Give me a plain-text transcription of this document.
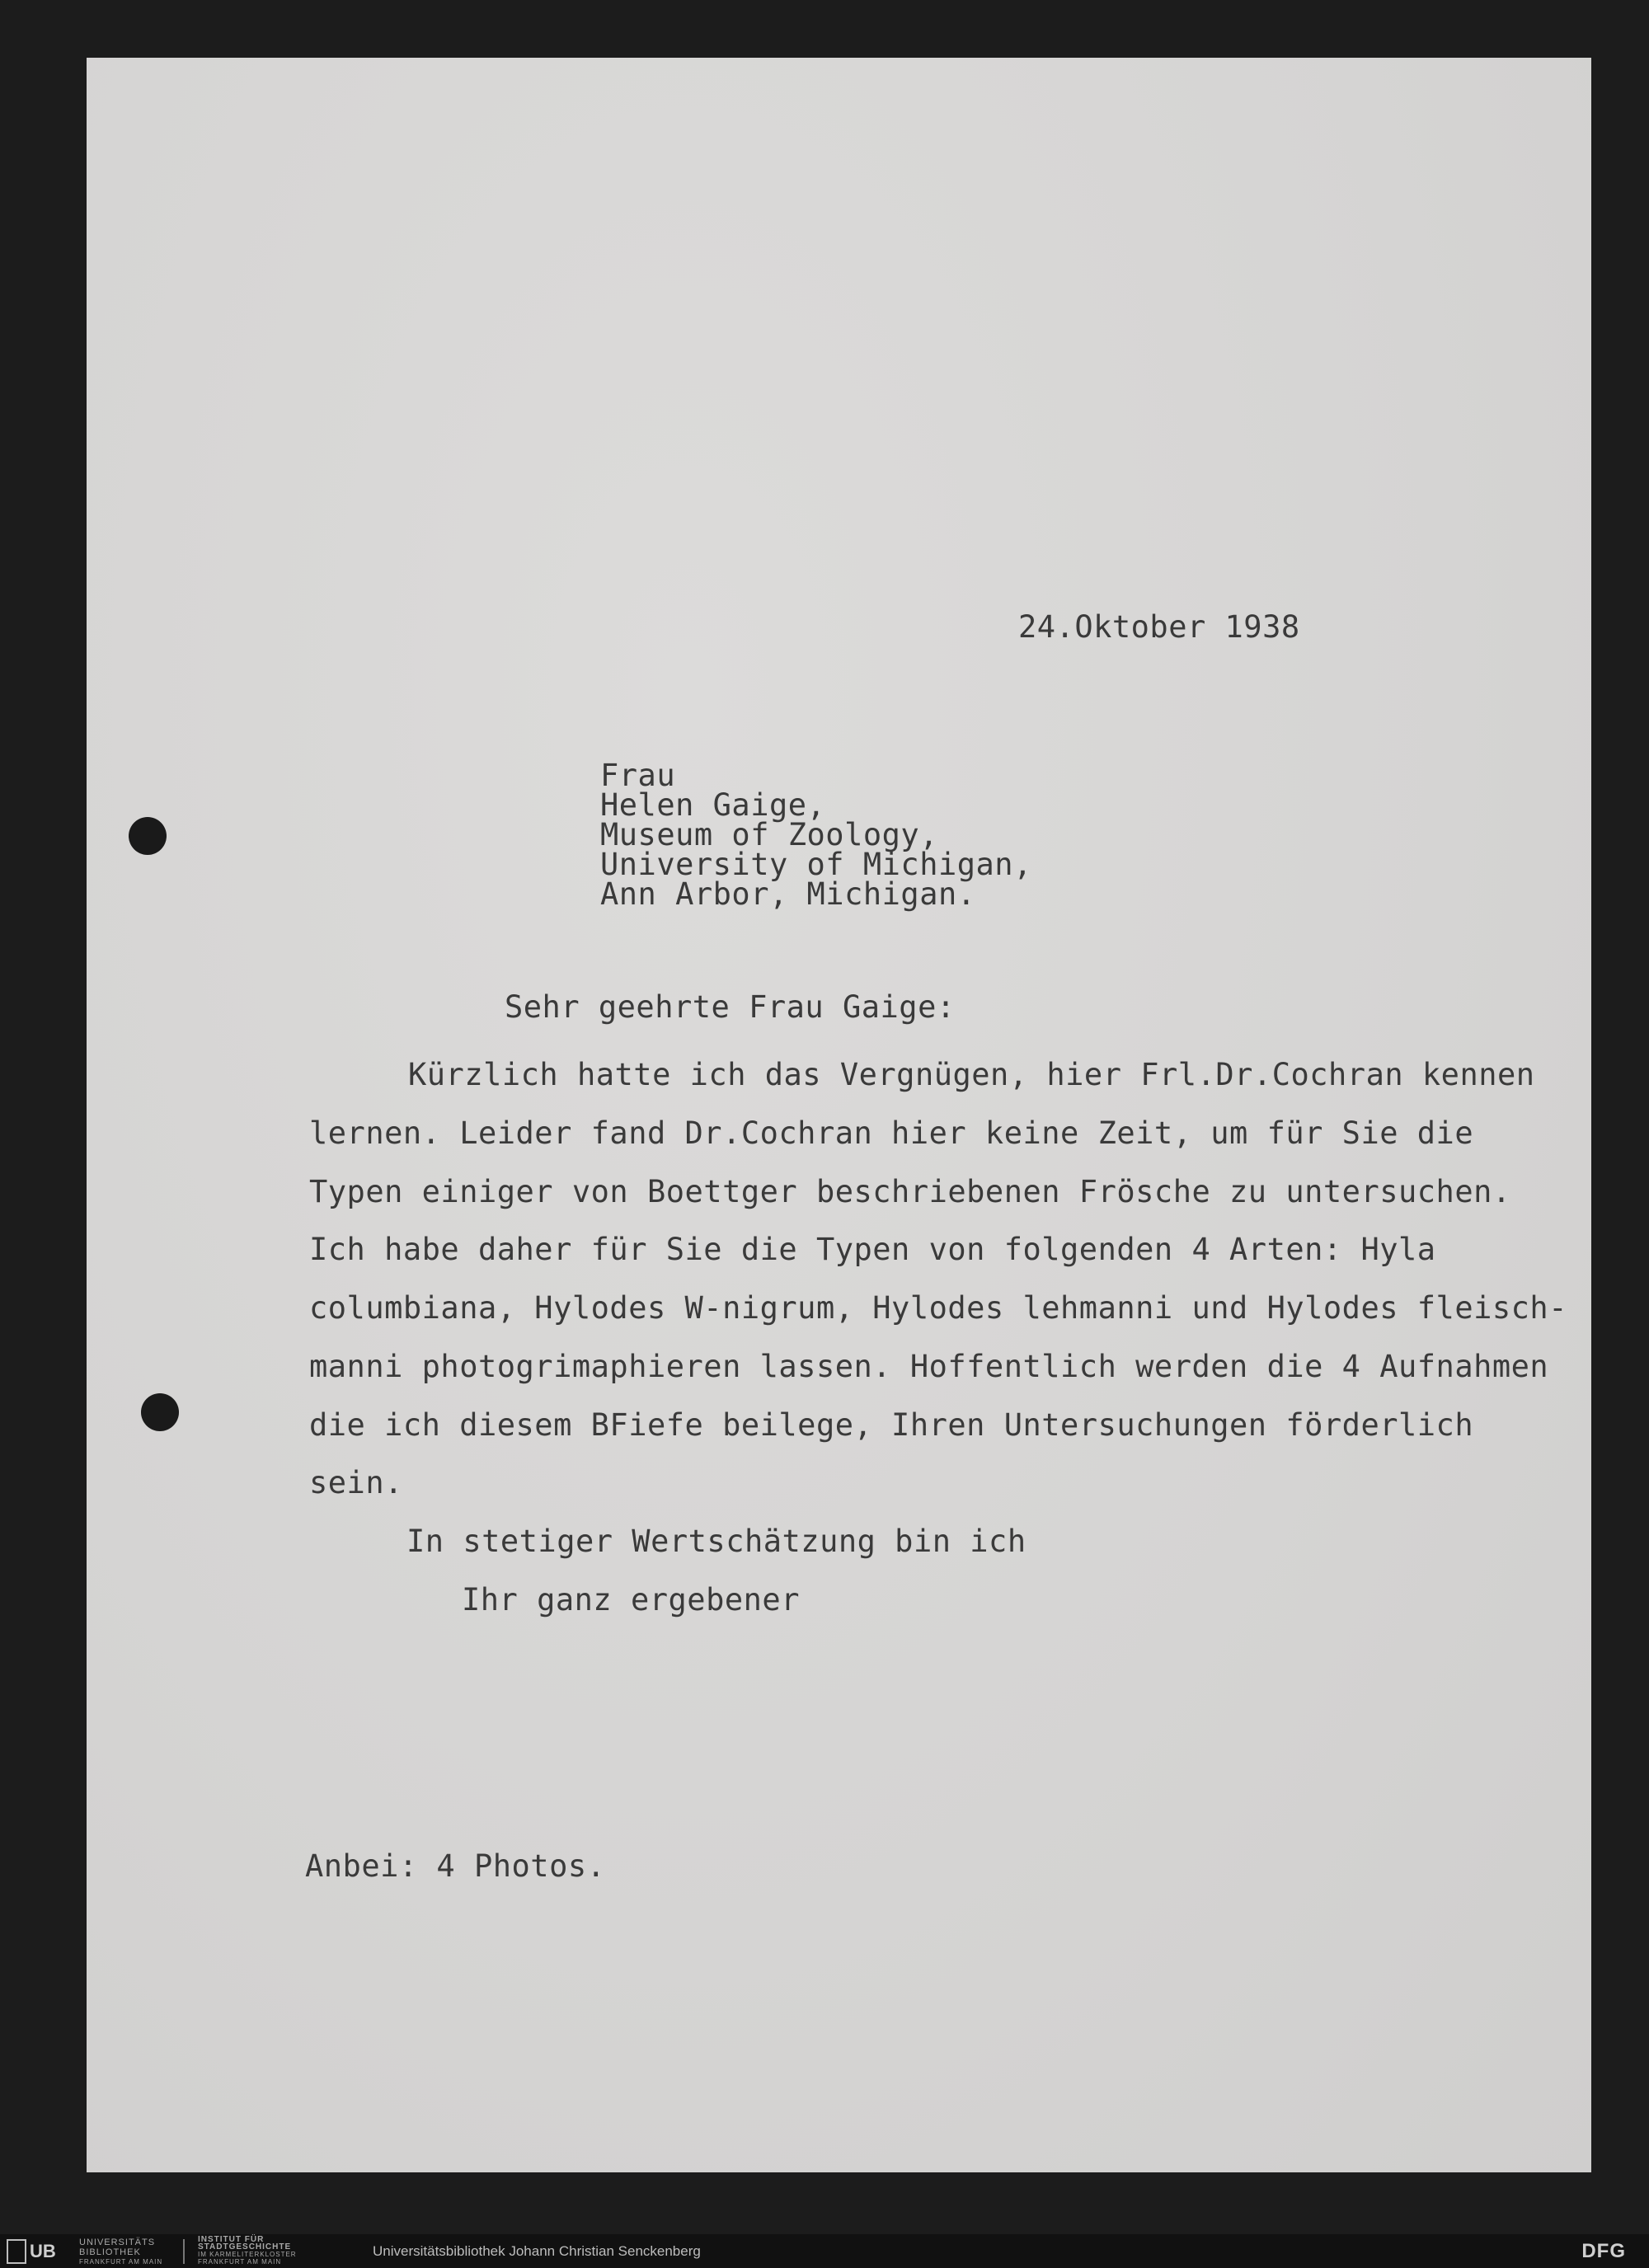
24.Oktober 1938
Frau
Helen Gaige,
Museum of Zoology,
University of Michigan,
Ann Arbor, Michigan.
Sehr geehrte Frau Gaige:
Kürzlich hatte ich das Vergnügen, hier Frl.Dr.Cochran kennen
lernen. Leider fand Dr.Cochran hier keine Zeit, um für Sie die
Typen einiger von Boettger beschriebenen Frösche zu untersuchen.
Ich habe daher für Sie die Typen von folgenden 4 Arten: Hyla
columbiana, Hylodes W-nigrum, Hylodes lehmanni und Hylodes fleisch-
manni photogrimaphieren lassen. Hoffentlich werden die 4 Aufnahmen
die ich diesem BFiefe beilege, Ihren Untersuchungen förderlich
sein.
In stetiger Wertschätzung bin ich
Ihr ganz ergebener
Anbei: 4 Photos.
UB	UNIVERSITÄTS
BIBLIOTHEK
FRANKFURT AM MAIN
INSTITUT FÜR
STADTGESCHICHTE
IM KARMELITERKLOSTER
FRANKFURT AM MAIN
Universitätsbibliothek Johann Christian Senckenberg	DFG
